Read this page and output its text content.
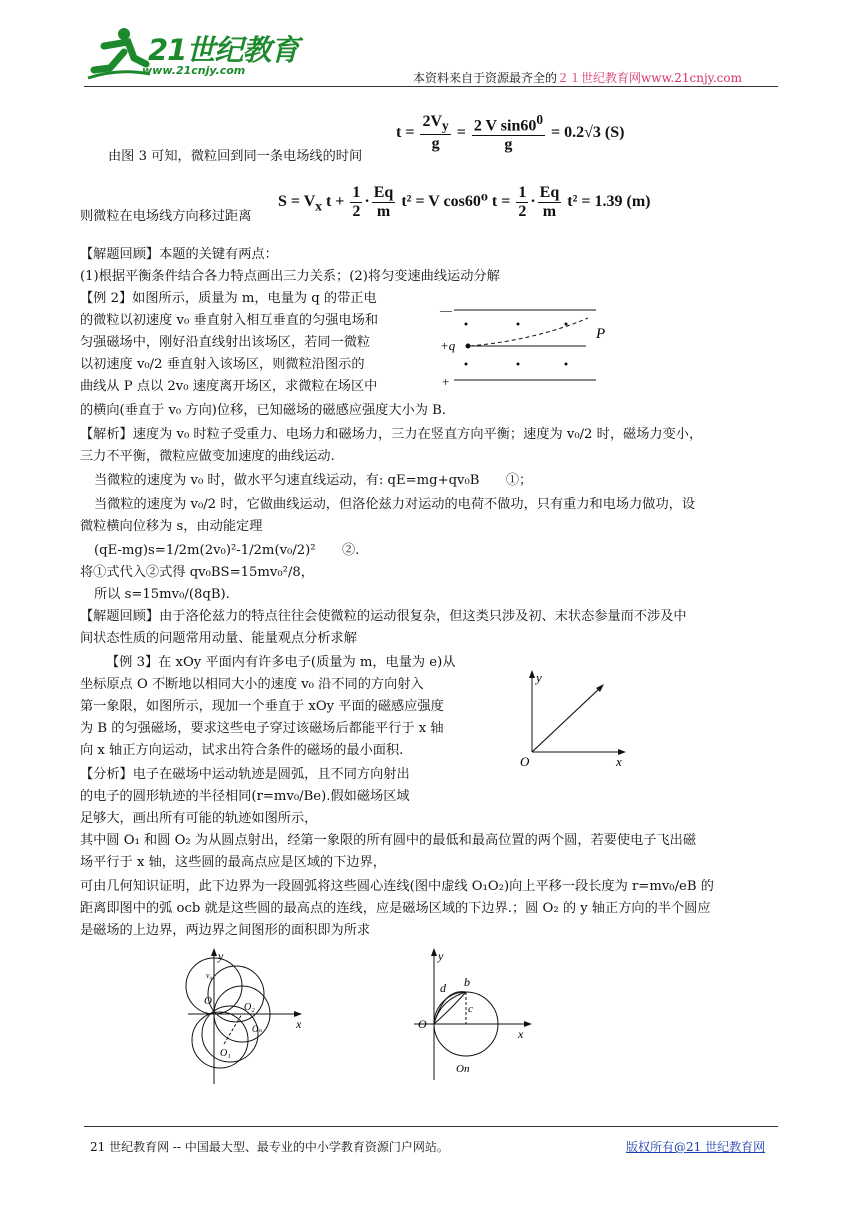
21世纪教育
www.21cnjy.com
本资料来自于资源最齐全的２１世纪教育网www.21cnjy.com
由图 3 可知，微粒回到同一条电场线的时间
$t = \frac{2V_y}{g} = \frac{2 V \sin 60^0}{g} = 0.2√3$ (S)
则微粒在电场线方向移过距离
$S = V_x$ $t + \frac{1}{2} \cdot \frac{Eq}{m} t^2 = V$ cos60⁰ $t = \frac{1}{2} \cdot \frac{Eq}{m} t^2 = 1.39$ (m)
【解题回顾】本题的关键有两点：
(1)根据平衡条件结合各力特点画出三力关系；(2)将匀变速曲线运动分解
【例 2】如图所示，质量为 m，电量为 q 的带正电
的微粒以初速度 v₀ 垂直射入相互垂直的匀强电场和
匀强磁场中，刚好沿直线射出该场区，若同一微粒
以初速度 v₀/2 垂直射入该场区，则微粒沿图示的
曲线从 P 点以 2v₀ 速度离开场区，求微粒在场区中
的横向(垂直于 v₀ 方向)位移，已知磁场的磁感应强度大小为 B.
—
+
+q
P
【解析】速度为 v₀ 时粒子受重力、电场力和磁场力，三力在竖直方向平衡；速度为 v₀/2 时，磁场力变小，
三力不平衡，微粒应做变加速度的曲线运动.
当微粒的速度为 v₀ 时，做水平匀速直线运动，有: qE=mg+qv₀B　　①；
当微粒的速度为 v₀/2 时，它做曲线运动，但洛伦兹力对运动的电荷不做功，只有重力和电场力做功，设
微粒横向位移为 s，由动能定理
(qE-mg)s=1/2m(2v₀)²-1/2m(v₀/2)²　　②.
将①式代入②式得 qv₀BS=15mv₀²/8，
所以 s=15mv₀/(8qB).
【解题回顾】由于洛伦兹力的特点往往会使微粒的运动很复杂，但这类只涉及初、末状态参量而不涉及中
间状态性质的问题常用动量、能量观点分析求解
【例 3】在 xOy 平面内有许多电子(质量为 m，电量为 e)从
坐标原点 O 不断地以相同大小的速度 v₀ 沿不同的方向射入
第一象限，如图所示，现加一个垂直于 xOy 平面的磁感应强度
为 B 的匀强磁场，要求这些电子穿过该磁场后都能平行于 x 轴
向 x 轴正方向运动，试求出符合条件的磁场的最小面积.
y
x
O
【分析】电子在磁场中运动轨迹是圆弧，且不同方向射出
的电子的圆形轨迹的半径相同(r=mv₀/Be).假如磁场区域
足够大，画出所有可能的轨迹如图所示，
其中圆 O₁ 和圆 O₂ 为从圆点射出，经第一象限的所有圆中的最低和最高位置的两个圆，若要使电子飞出磁
场平行于 x 轴，这些圆的最高点应是区域的下边界，
可由几何知识证明，此下边界为一段圆弧将这些圆心连线(图中虚线 O₁O₂)向上平移一段长度为 r=mv₀/eB 的
距离即图中的弧 ocb 就是这些圆的最高点的连线，应是磁场区域的下边界.；圆 O₂ 的 y 轴正方向的半个圆应
是磁场的上边界，两边界之间图形的面积即为所求
y
x
O
v₀
O₂
Oₙ
O₁
y
x
O
b
d
c
On
21 世纪教育网 -- 中国最大型、最专业的中小学教育资源门户网站。	版权所有@21 世纪教育网
